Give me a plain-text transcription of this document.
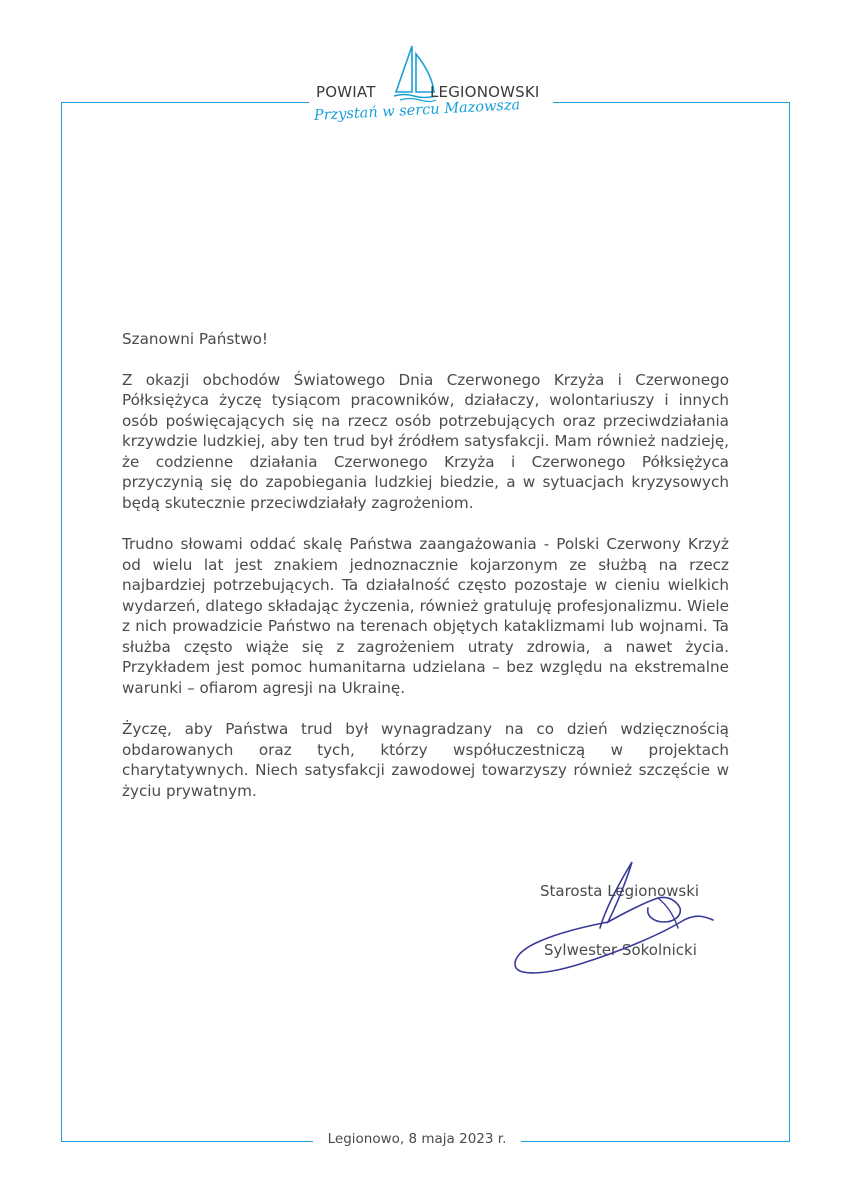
POWIAT	LEGIONOWSKI
Przystań w sercu Mazowsza

Szanowni Państwo!

Z okazji obchodów Światowego Dnia Czerwonego Krzyża i Czerwonego Półksiężyca życzę tysiącom pracowników, działaczy, wolontariuszy i innych osób poświęcających się na rzecz osób potrzebujących oraz przeciwdziałania krzywdzie ludzkiej, aby ten trud był źródłem satysfakcji. Mam również nadzieję, że codzienne działania Czerwonego Krzyża i Czerwonego Półksiężyca przyczynią się do zapobiegania ludzkiej biedzie, a w sytuacjach kryzysowych będą skutecznie przeciwdziałały zagrożeniom.

Trudno słowami oddać skalę Państwa zaangażowania - Polski Czerwony Krzyż od wielu lat jest znakiem jednoznacznie kojarzonym ze służbą na rzecz najbardziej potrzebujących. Ta działalność często pozostaje w cieniu wielkich wydarzeń, dlatego składając życzenia, również gratuluję profesjonalizmu. Wiele z nich prowadzicie Państwo na terenach objętych kataklizmami lub wojnami. Ta służba często wiąże się z zagrożeniem utraty zdrowia, a nawet życia. Przykładem jest pomoc humanitarna udzielana – bez względu na ekstremalne warunki – ofiarom agresji na Ukrainę.

Życzę, aby Państwa trud był wynagradzany na co dzień wdzięcznością obdarowanych oraz tych, którzy współuczestniczą w projektach charytatywnych. Niech satysfakcji zawodowej towarzyszy również szczęście w życiu prywatnym.

Starosta Legionowski
Sylwester Sokolnicki
Legionowo, 8 maja 2023 r.
